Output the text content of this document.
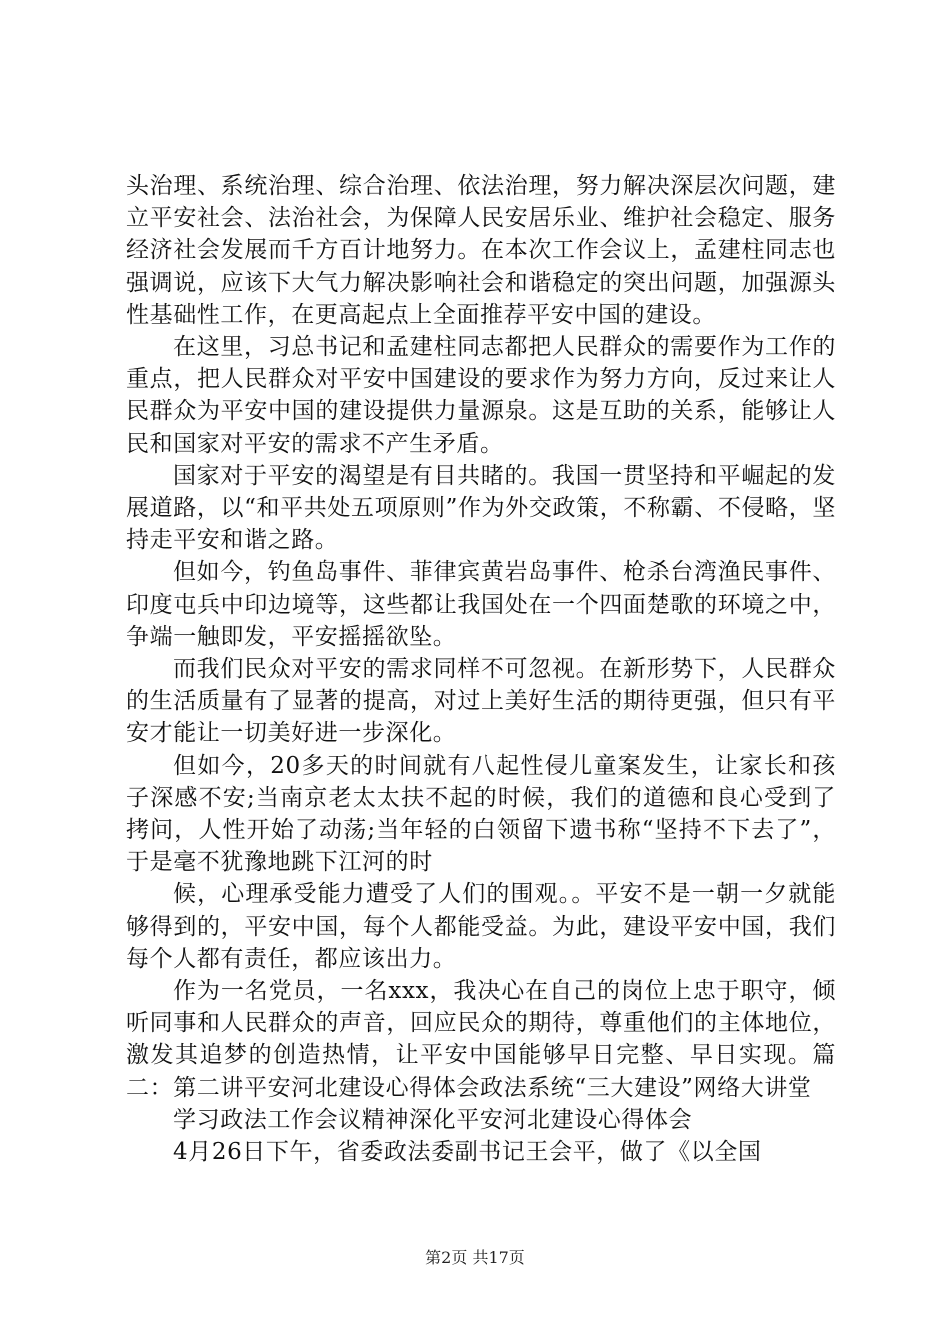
头治理、系统治理、综合治理、依法治理，努力解决深层次问题，建立平安社会、法治社会，为保障人民安居乐业、维护社会稳定、服务经济社会发展而千方百计地努力。在本次工作会议上，孟建柱同志也强调说，应该下大气力解决影响社会和谐稳定的突出问题，加强源头性基础性工作，在更高起点上全面推荐平安中国的建设。

在这里，习总书记和孟建柱同志都把人民群众的需要作为工作的重点，把人民群众对平安中国建设的要求作为努力方向，反过来让人民群众为平安中国的建设提供力量源泉。这是互助的关系，能够让人民和国家对平安的需求不产生矛盾。

国家对于平安的渴望是有目共睹的。我国一贯坚持和平崛起的发展道路，以“和平共处五项原则”作为外交政策，不称霸、不侵略，坚持走平安和谐之路。

但如今，钓鱼岛事件、菲律宾黄岩岛事件、枪杀台湾渔民事件、印度屯兵中印边境等，这些都让我国处在一个四面楚歌的环境之中，争端一触即发，平安摇摇欲坠。

而我们民众对平安的需求同样不可忽视。在新形势下，人民群众的生活质量有了显著的提高，对过上美好生活的期待更强，但只有平安才能让一切美好进一步深化。

但如今，20多天的时间就有八起性侵儿童案发生，让家长和孩子深感不安;当南京老太太扶不起的时候，我们的道德和良心受到了拷问，人性开始了动荡;当年轻的白领留下遗书称“坚持不下去了”，于是毫不犹豫地跳下江河的时

候，心理承受能力遭受了人们的围观。。平安不是一朝一夕就能够得到的，平安中国，每个人都能受益。为此，建设平安中国，我们每个人都有责任，都应该出力。

作为一名党员，一名xxx，我决心在自己的岗位上忠于职守，倾听同事和人民群众的声音，回应民众的期待，尊重他们的主体地位，激发其追梦的创造热情，让平安中国能够早日完整、早日实现。篇二：第二讲平安河北建设心得体会政法系统“三大建设”网络大讲堂

学习政法工作会议精神深化平安河北建设心得体会

4月26日下午，省委政法委副书记王会平，做了《以全国

第2页 共17页
